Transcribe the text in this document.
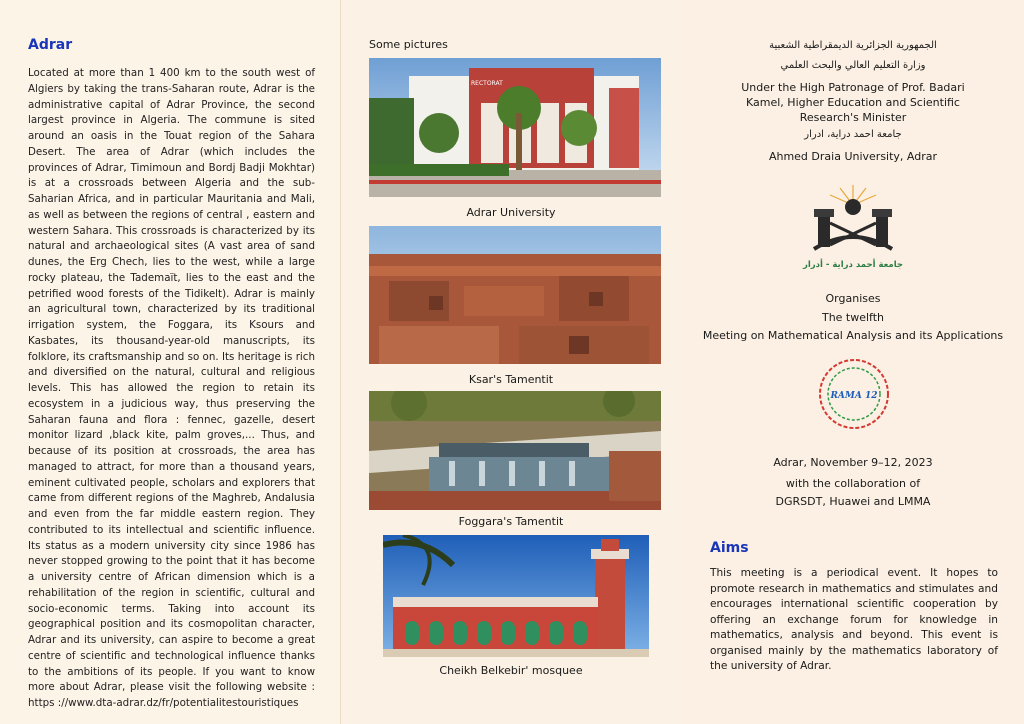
Adrar
Located at more than 1 400 km to the south west of Algiers by taking the trans-Saharan route, Adrar is the administrative capital of Adrar Province, the second largest province in Algeria. The commune is sited around an oasis in the Touat region of the Sahara Desert. The area of Adrar (which includes the provinces of Adrar, Timimoun and Bordj Badji Mokhtar) is at a crossroads between Algeria and the sub-Saharian Africa, and in particular Mauritania and Mali, as well as between the regions of central , eastern and western Sahara. This crossroads is characterized by its natural and archaeological sites (A vast area of sand dunes, the Erg Chech, lies to the west, while a large rocky plateau, the Tademaït, lies to the east and the petrified wood forests of the Tidikelt). Adrar is mainly an agricultural town, characterized by its traditional irrigation system, the Foggara, its Ksours and Kasbates, its thousand-year-old manuscripts, its folklore, its craftsmanship and so on. Its heritage is rich and diversified on the natural, cultural and religious levels. This has allowed the region to retain its ecosystem in a judicious way, thus preserving the Saharan fauna and flora : fennec, gazelle, desert monitor lizard ,black kite, palm groves,... Thus, and because of its position at crossroads, the area has managed to attract, for more than a thousand years, eminent cultivated people, scholars and explorers that came from different regions of the Maghreb, Andalusia and even from the far middle eastern region. They contributed to its intellectual and scientific influence. Its status as a modern university city since 1986 has never stopped growing to the point that it has become a university centre of African dimension which is a rehabilitation of the region in scientific, cultural and socio-economic terms. Taking into account its geographical position and its cosmopolitan character, Adrar and its university, can aspire to become a great centre of scientific and technological influence thanks to the ambitions of its people. If you want to know more about Adrar, please visit the following website : https ://www.dta-adrar.dz/fr/potentialitestouristiques
Some pictures
RECTORAT
Adrar University
Ksar's Tamentit
Foggara's Tamentit
Cheikh Belkebir' mosquee
الجمهورية الجزائرية الديمقراطية الشعبية
وزارة التعليم العالي والبحث العلمي
Under the High Patronage of Prof. Badari Kamel, Higher Education and Scientific Research's Minister
جامعة احمد دراية، ادرار
Ahmed Draia University, Adrar
جامعة أحمد دراية - أدرار
Organises
The twelfth
Meeting on Mathematical Analysis and its Applications
RAMA 12
Adrar, November 9–12, 2023
with the collaboration of
DGRSDT, Huawei and LMMA
Aims
This meeting is a periodical event. It hopes to promote research in mathematics and stimulates and encourages international scientific cooperation by offering an exchange forum for knowledge in mathematics, analysis and beyond. This event is organised mainly by the mathematics laboratory of the university of Adrar.
